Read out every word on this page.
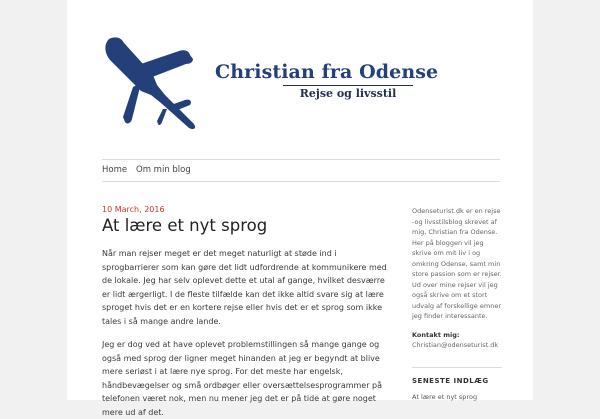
Christian fra Odense
Rejse og livsstil
Home Om min blog
10 March, 2016
At lære et nyt sprog

Når man rejser meget er det meget naturligt at støde ind i sprogbarrierer som kan gøre det lidt udfordrende at kommunikere med de lokale. Jeg har selv oplevet dette et utal af gange, hvilket desværre er lidt ærgerligt. I de fleste tilfælde kan det ikke altid svare sig at lære sproget hvis det er en kortere rejse eller hvis det er et sprog som ikke tales i så mange andre lande.

Jeg er dog ved at have oplevet problemstillingen så mange gange og også med sprog der ligner meget hinanden at jeg er begyndt at blive mere seriøst i at lære nye sprog. For det meste har engelsk, håndbevægelser og små ordbøger eller oversættelsesprogrammer på telefonen været nok, men nu mener jeg det er på tide at gøre noget mere ud af det.

Odenseturist.dk er en rejse -og livsstilsblog skrevet af mig, Christian fra Odense. Her på bloggen vil jeg skrive om mit liv i og omkring Odense, samt min store passion som er rejser. Ud over mine rejser vil jeg også skrive om et stort udvalg af forskellige emner jeg finder interessante.

Kontakt mig:

Christian@odenseturist.dk

SENESTE INDLÆG
At lære et nyt sprog
